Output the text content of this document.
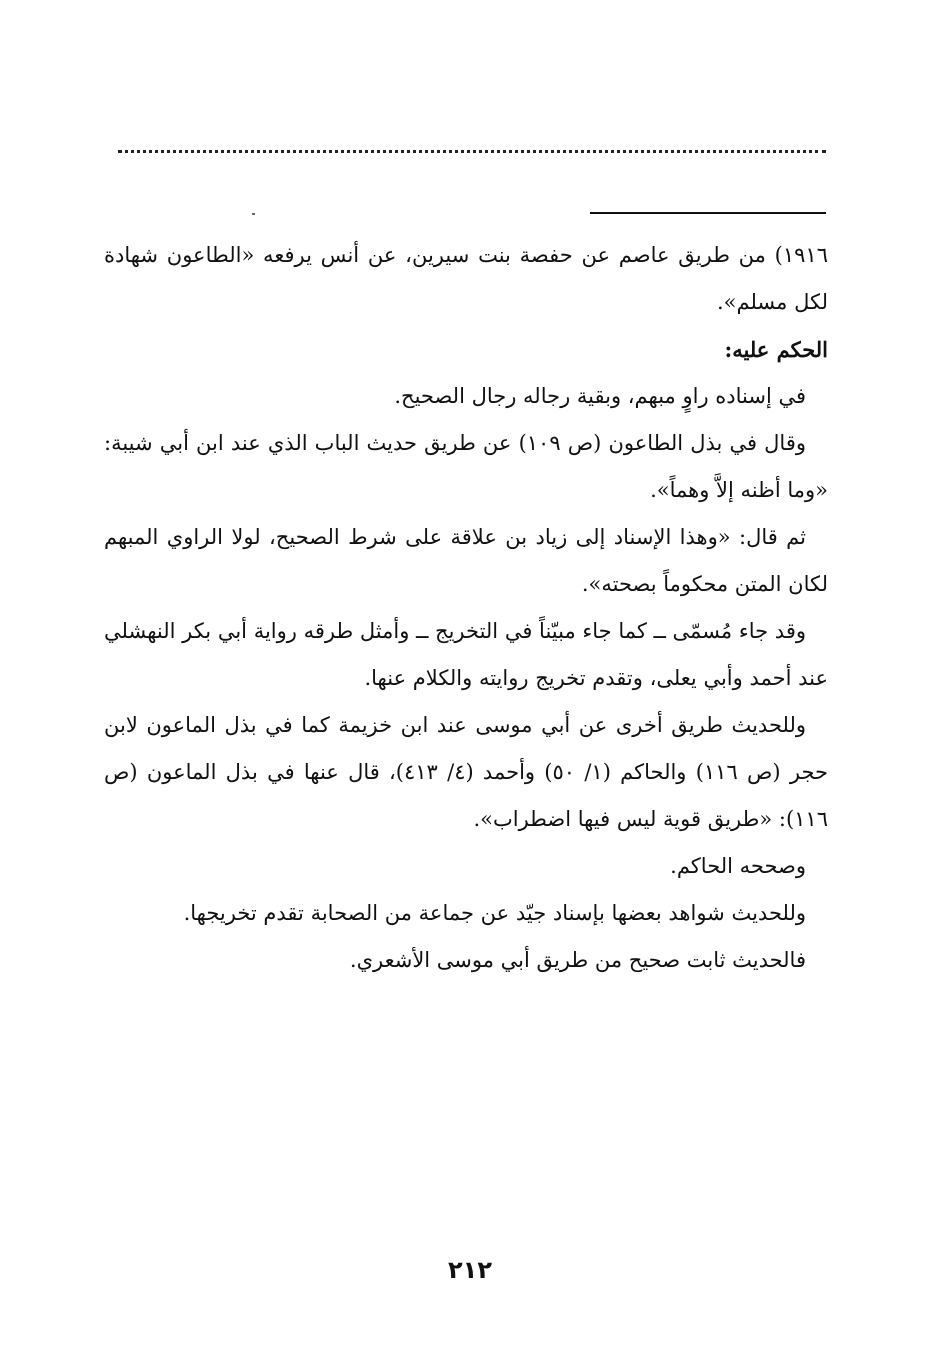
١٩١٦) من طريق عاصم عن حفصة بنت سيرين، عن أنس يرفعه «الطاعون شهادة لكل مسلم».

الحكم عليه:

في إسناده راوٍ مبهم، وبقية رجاله رجال الصحيح.

وقال في بذل الطاعون (ص ١٠٩) عن طريق حديث الباب الذي عند ابن أبي شيبة: «وما أظنه إلاَّ وهماً».

ثم قال: «وهذا الإسناد إلى زياد بن علاقة على شرط الصحيح، لولا الراوي المبهم لكان المتن محكوماً بصحته».

وقد جاء مُسمّى ــ كما جاء مبيّناً في التخريج ــ وأمثل طرقه رواية أبي بكر النهشلي عند أحمد وأبي يعلى، وتقدم تخريج روايته والكلام عنها.

وللحديث طريق أخرى عن أبي موسى عند ابن خزيمة كما في بذل الماعون لابن حجر (ص ١١٦) والحاكم (١/ ٥٠) وأحمد (٤/ ٤١٣)، قال عنها في بذل الماعون (ص ١١٦): «طريق قوية ليس فيها اضطراب».

وصححه الحاكم.

وللحديث شواهد بعضها بإسناد جيّد عن جماعة من الصحابة تقدم تخريجها.

فالحديث ثابت صحيح من طريق أبي موسى الأشعري.

٢١٢
